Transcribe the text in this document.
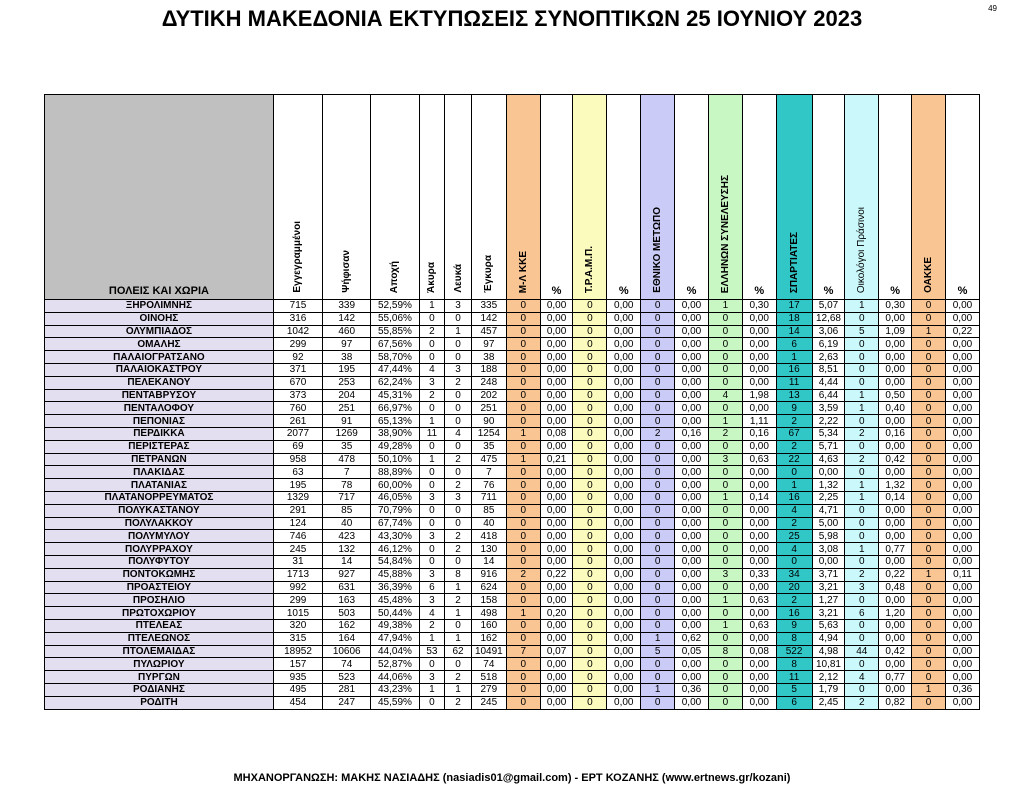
ΔΥΤΙΚΗ ΜΑΚΕΔΟΝΙΑ ΕΚΤΥΠΩΣΕΙΣ ΣΥΝΟΠΤΙΚΩΝ 25 ΙΟΥΝΙΟΥ 2023	49
ΠΟΛΕΙΣ ΚΑΙ ΧΩΡΙΑ	Εγγεγραμμένοι	Ψήφισαν	Αποχή	Άκυρα	Λευκά	Έγκυρα	Μ-Λ ΚΚΕ	%	Τ.Ρ.Α.Μ.Π.	%	ΕΘΝΙΚΟ ΜΕΤΩΠΟ	%	ΕΛΛΗΝΩΝ ΣΥΝΕΛΕΥΣΗΣ	%	ΣΠΑΡΤΙΑΤΕΣ	%	Οικολόγοι Πράσινοι	%	ΟΑΚΚΕ	%
ΞΗΡΟΛΙΜΝΗΣ	715	339	52,59%	1	3	335	0	0,00	0	0,00	0	0,00	1	0,30	17	5,07	1	0,30	0	0,00
ΟΙΝΟΗΣ	316	142	55,06%	0	0	142	0	0,00	0	0,00	0	0,00	0	0,00	18	12,68	0	0,00	0	0,00
ΟΛΥΜΠΙΑΔΟΣ	1042	460	55,85%	2	1	457	0	0,00	0	0,00	0	0,00	0	0,00	14	3,06	5	1,09	1	0,22
ΟΜΑΛΗΣ	299	97	67,56%	0	0	97	0	0,00	0	0,00	0	0,00	0	0,00	6	6,19	0	0,00	0	0,00
ΠΑΛΑΙΟΓΡΑΤΣΑΝΟ	92	38	58,70%	0	0	38	0	0,00	0	0,00	0	0,00	0	0,00	1	2,63	0	0,00	0	0,00
ΠΑΛΑΙΟΚΑΣΤΡΟΥ	371	195	47,44%	4	3	188	0	0,00	0	0,00	0	0,00	0	0,00	16	8,51	0	0,00	0	0,00
ΠΕΛΕΚΑΝΟΥ	670	253	62,24%	3	2	248	0	0,00	0	0,00	0	0,00	0	0,00	11	4,44	0	0,00	0	0,00
ΠΕΝΤΑΒΡΥΣΟΥ	373	204	45,31%	2	0	202	0	0,00	0	0,00	0	0,00	4	1,98	13	6,44	1	0,50	0	0,00
ΠΕΝΤΑΛΟΦΟΥ	760	251	66,97%	0	0	251	0	0,00	0	0,00	0	0,00	0	0,00	9	3,59	1	0,40	0	0,00
ΠΕΠΟΝΙΑΣ	261	91	65,13%	1	0	90	0	0,00	0	0,00	0	0,00	1	1,11	2	2,22	0	0,00	0	0,00
ΠΕΡΔΙΚΚΑ	2077	1269	38,90%	11	4	1254	1	0,08	0	0,00	2	0,16	2	0,16	67	5,34	2	0,16	0	0,00
ΠΕΡΙΣΤΕΡΑΣ	69	35	49,28%	0	0	35	0	0,00	0	0,00	0	0,00	0	0,00	2	5,71	0	0,00	0	0,00
ΠΕΤΡΑΝΩΝ	958	478	50,10%	1	2	475	1	0,21	0	0,00	0	0,00	3	0,63	22	4,63	2	0,42	0	0,00
ΠΛΑΚΙΔΑΣ	63	7	88,89%	0	0	7	0	0,00	0	0,00	0	0,00	0	0,00	0	0,00	0	0,00	0	0,00
ΠΛΑΤΑΝΙΑΣ	195	78	60,00%	0	2	76	0	0,00	0	0,00	0	0,00	0	0,00	1	1,32	1	1,32	0	0,00
ΠΛΑΤΑΝΟΡΡΕΥΜΑΤΟΣ	1329	717	46,05%	3	3	711	0	0,00	0	0,00	0	0,00	1	0,14	16	2,25	1	0,14	0	0,00
ΠΟΛΥΚΑΣΤΑΝΟΥ	291	85	70,79%	0	0	85	0	0,00	0	0,00	0	0,00	0	0,00	4	4,71	0	0,00	0	0,00
ΠΟΛΥΛΑΚΚΟΥ	124	40	67,74%	0	0	40	0	0,00	0	0,00	0	0,00	0	0,00	2	5,00	0	0,00	0	0,00
ΠΟΛΥΜΥΛΟΥ	746	423	43,30%	3	2	418	0	0,00	0	0,00	0	0,00	0	0,00	25	5,98	0	0,00	0	0,00
ΠΟΛΥΡΡΑΧΟΥ	245	132	46,12%	0	2	130	0	0,00	0	0,00	0	0,00	0	0,00	4	3,08	1	0,77	0	0,00
ΠΟΛΥΦΥΤΟΥ	31	14	54,84%	0	0	14	0	0,00	0	0,00	0	0,00	0	0,00	0	0,00	0	0,00	0	0,00
ΠΟΝΤΟΚΩΜΗΣ	1713	927	45,88%	3	8	916	2	0,22	0	0,00	0	0,00	3	0,33	34	3,71	2	0,22	1	0,11
ΠΡΟΑΣΤΕΙΟΥ	992	631	36,39%	6	1	624	0	0,00	0	0,00	0	0,00	0	0,00	20	3,21	3	0,48	0	0,00
ΠΡΟΣΗΛΙΟ	299	163	45,48%	3	2	158	0	0,00	0	0,00	0	0,00	1	0,63	2	1,27	0	0,00	0	0,00
ΠΡΩΤΟΧΩΡΙΟΥ	1015	503	50,44%	4	1	498	1	0,20	0	0,00	0	0,00	0	0,00	16	3,21	6	1,20	0	0,00
ΠΤΕΛΕΑΣ	320	162	49,38%	2	0	160	0	0,00	0	0,00	0	0,00	1	0,63	9	5,63	0	0,00	0	0,00
ΠΤΕΛΕΩΝΟΣ	315	164	47,94%	1	1	162	0	0,00	0	0,00	1	0,62	0	0,00	8	4,94	0	0,00	0	0,00
ΠΤΟΛΕΜΑΙΔΑΣ	18952	10606	44,04%	53	62	10491	7	0,07	0	0,00	5	0,05	8	0,08	522	4,98	44	0,42	0	0,00
ΠΥΛΩΡΙΟΥ	157	74	52,87%	0	0	74	0	0,00	0	0,00	0	0,00	0	0,00	8	10,81	0	0,00	0	0,00
ΠΥΡΓΩΝ	935	523	44,06%	3	2	518	0	0,00	0	0,00	0	0,00	0	0,00	11	2,12	4	0,77	0	0,00
ΡΟΔΙΑΝΗΣ	495	281	43,23%	1	1	279	0	0,00	0	0,00	1	0,36	0	0,00	5	1,79	0	0,00	1	0,36
ΡΟΔΙΤΗ	454	247	45,59%	0	2	245	0	0,00	0	0,00	0	0,00	0	0,00	6	2,45	2	0,82	0	0,00
ΜΗΧΑΝΟΡΓΑΝΩΣΗ: ΜΑΚΗΣ ΝΑΣΙΑΔΗΣ (nasiadis01@gmail.com) - ΕΡΤ ΚΟΖΑΝΗΣ (www.ertnews.gr/kozani)
